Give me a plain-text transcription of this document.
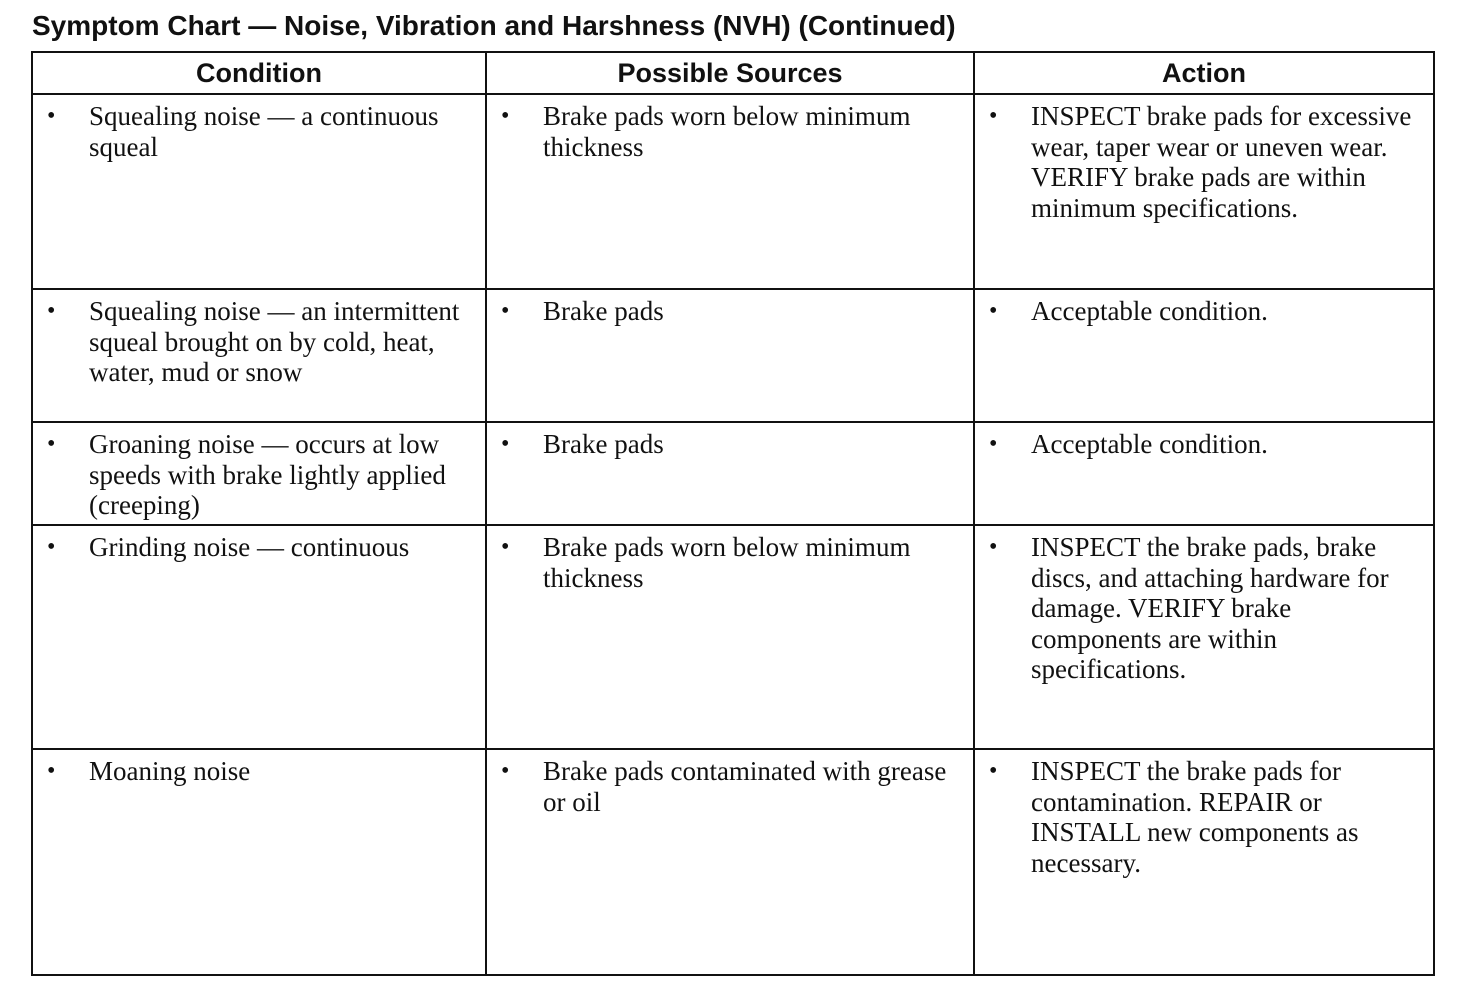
Symptom Chart — Noise, Vibration and Harshness (NVH) (Continued)
Condition	Possible Sources	Action

• Squealing noise — a continuous squeal	• Brake pads worn below minimum thickness	• INSPECT brake pads for excessive wear, taper wear or uneven wear. VERIFY brake pads are within minimum specifications.

• Squealing noise — an intermittent squeal brought on by cold, heat, water, mud or snow	• Brake pads	• Acceptable condition.

• Groaning noise — occurs at low speeds with brake lightly applied (creeping)	• Brake pads	• Acceptable condition.

• Grinding noise — continuous	• Brake pads worn below minimum thickness	• INSPECT the brake pads, brake discs, and attaching hardware for damage. VERIFY brake components are within specifications.

• Moaning noise	• Brake pads contaminated with grease or oil	• INSPECT the brake pads for contamination. REPAIR or INSTALL new components as necessary.
